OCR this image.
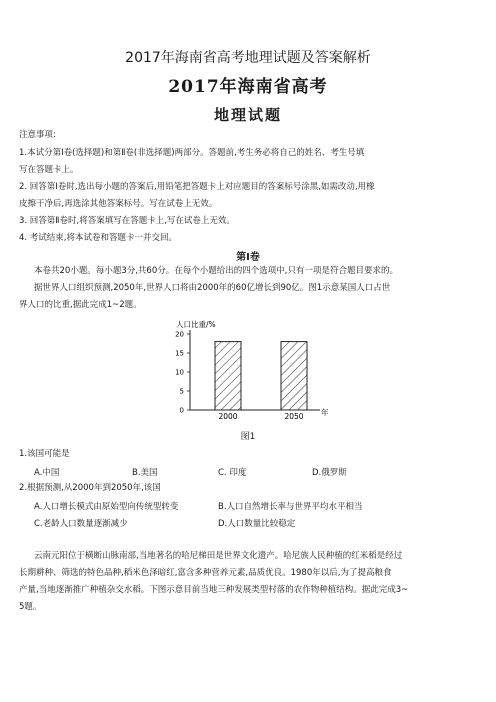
2017年海南省高考地理试题及答案解析
2017年海南省高考
地理试题
注意事项:
1.本试分第Ⅰ卷(选择题)和第Ⅱ卷(非选择题)两部分。答题前,考生务必将自己的姓名、考生号填
写在答题卡上。
2. 回答第Ⅰ卷时,选出每小题的答案后,用铅笔把答题卡上对应题目的答案标号涂黑,如需改动,用橡
皮擦干净后,再选涂其他答案标号。写在试卷上无效。
3. 回答第Ⅱ卷时,将答案填写在答题卡上,写在试卷上无效。
4. 考试结束,将本试卷和答题卡一并交回。
第Ⅰ卷
本卷共20小题。每小题3分,共60分。在每个小题给出的四个选项中,只有一项是符合题目要求的。
据世界人口组织预测,2050年,世界人口将由2000年的60亿增长到90亿。图1示意某国人口占世
界人口的比重,据此完成1~2题。
人口比重/%
0
5
10
15
20
2000	2050 年
图1
1.该国可能是
A.中国	B.美国	C. 印度	D.俄罗斯
2.根据预测,从2000年到2050年,该国
A.人口增长模式由原始型向传统型转变	B.人口自然增长率与世界平均水平相当
C.老龄人口数量逐渐减少	D.人口数量比较稳定
云南元阳位于横断山脉南部,当地著名的哈尼梯田是世界文化遗产。哈尼族人民种植的红米稻是经过
长期耕种、筛选的特色品种,稻米色泽暗红,富含多种营养元素,品质优良。1980年以后,为了提高粮食
产量,当地逐渐推广种植杂交水稻。下图示意目前当地三种发展类型村落的农作物种植结构。据此完成3~
5题。
